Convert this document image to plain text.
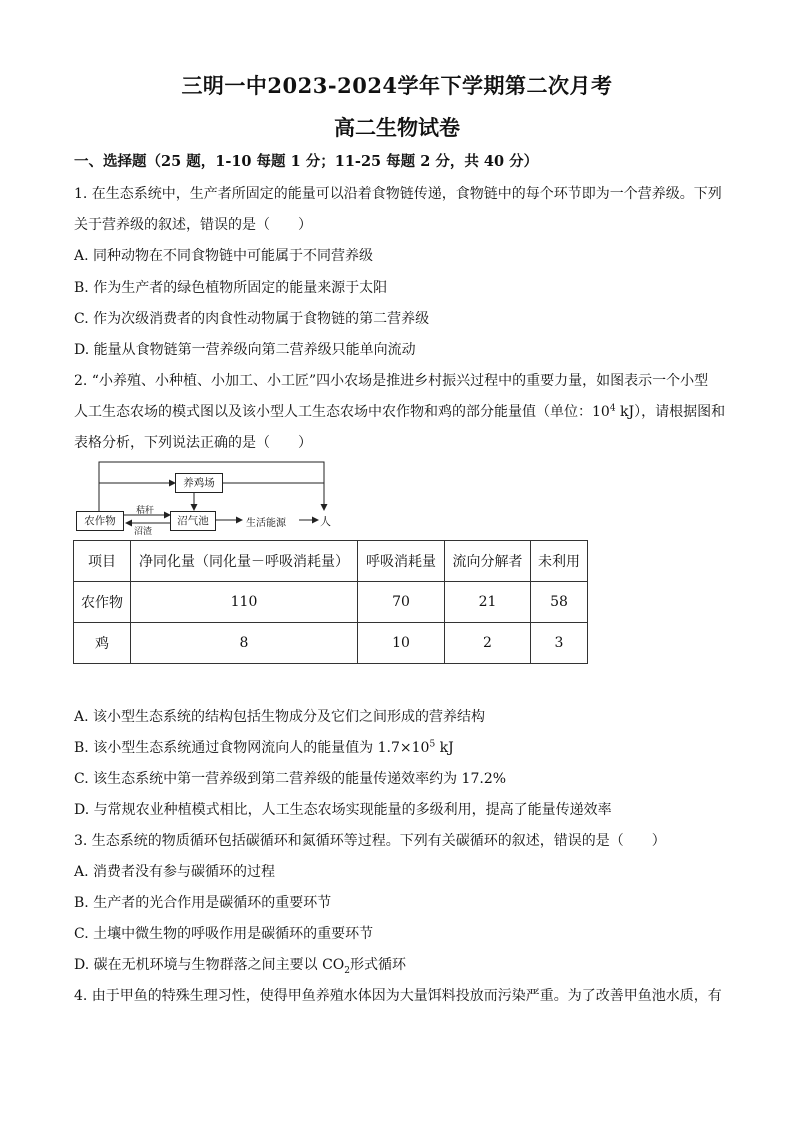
三明一中2023-2024学年下学期第二次月考
高二生物试卷
一、选择题（25 题，1-10 每题 1 分；11-25 每题 2 分，共 40 分）
1. 在生态系统中，生产者所固定的能量可以沿着食物链传递，食物链中的每个环节即为一个营养级。下列
关于营养级的叙述，错误的是（　　）
A. 同种动物在不同食物链中可能属于不同营养级
B. 作为生产者的绿色植物所固定的能量来源于太阳
C. 作为次级消费者的肉食性动物属于食物链的第二营养级
D. 能量从食物链第一营养级向第二营养级只能单向流动
2. “小养殖、小种植、小加工、小工匠”四小农场是推进乡村振兴过程中的重要力量，如图表示一个小型
人工生态农场的模式图以及该小型人工生态农场中农作物和鸡的部分能量值（单位：$10^4$ kJ），请根据图和
表格分析，下列说法正确的是（　　）
养鸡场
农作物	沼气池	生活能源	人
秸秆
沼渣
项目	净同化量（同化量－呼吸消耗量）	呼吸消耗量	流向分解者	未利用
农作物	110	70	21	58
鸡	8	10	2	3
A. 该小型生态系统的结构包括生物成分及它们之间形成的营养结构
B. 该小型生态系统通过食物网流向人的能量值为 $1.7\times 10^5$ kJ
C. 该生态系统中第一营养级到第二营养级的能量传递效率约为 17.2%
D. 与常规农业种植模式相比，人工生态农场实现能量的多级利用，提高了能量传递效率
3. 生态系统的物质循环包括碳循环和氮循环等过程。下列有关碳循环的叙述，错误的是（　　）
A. 消费者没有参与碳循环的过程
B. 生产者的光合作用是碳循环的重要环节
C. 土壤中微生物的呼吸作用是碳循环的重要环节
D. 碳在无机环境与生物群落之间主要以 $CO_2$形式循环
4. 由于甲鱼的特殊生理习性，使得甲鱼养殖水体因为大量饵料投放而污染严重。为了改善甲鱼池水质，有
